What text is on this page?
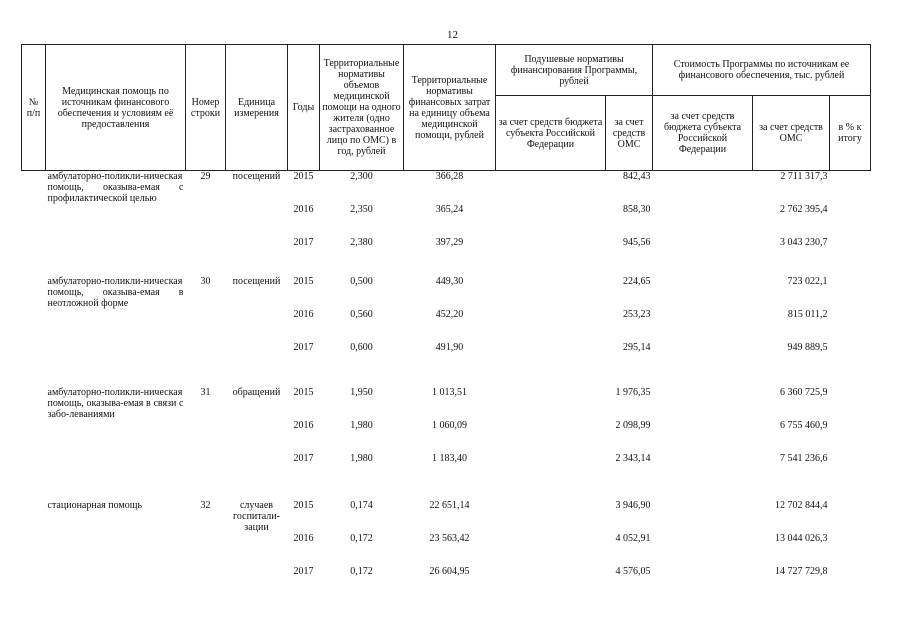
12
№ п/п	Медицинская помощь по источникам финансового обеспечения и условиям её предоставления	Номер строки	Единица измерения	Годы	Территориальные нормативы объемов медицинской помощи на одного жителя (одно застрахованное лицо по ОМС) в год, рублей	Территориальные нормативы финансовых затрат на единицу объема медицинской помощи, рублей	Подушевые нормативы финансирования Программы, рублей		Стоимость Программы по источникам ее финансового обеспечения, тыс. рублей		
							за счет средств бюджета субъекта Российской Федерации	за счет средств ОМС	за счет средств бюджета субъекта Российской Федерации	за счет средств ОМС	в % к итогу
	амбулаторно-поликли-ническая помощь, оказыва-емая с профилактической целью	29	посещений	2015	2,300	366,28		842,43		2 711 317,3	
				2016	2,350	365,24		858,30		2 762 395,4	
				2017	2,380	397,29		945,56		3 043 230,7	

	амбулаторно-поликли-ническая помощь, оказыва-емая в неотложной форме	30	посещений	2015	0,500	449,30		224,65		723 022,1	
				2016	0,560	452,20		253,23		815 011,2	
				2017	0,600	491,90		295,14		949 889,5	

	амбулаторно-поликли-ническая помощь, оказыва-емая в связи с забо-леваниями	31	обращений	2015	1,950	1 013,51		1 976,35		6 360 725,9	
				2016	1,980	1 060,09		2 098,99		6 755 460,9	
				2017	1,980	1 183,40		2 343,14		7 541 236,6	

	стационарная помощь	32	случаев госпитали-зации	2015	0,174	22 651,14		3 946,90		12 702 844,4	
				2016	0,172	23 563,42		4 052,91		13 044 026,3	
				2017	0,172	26 604,95		4 576,05		14 727 729,8	
